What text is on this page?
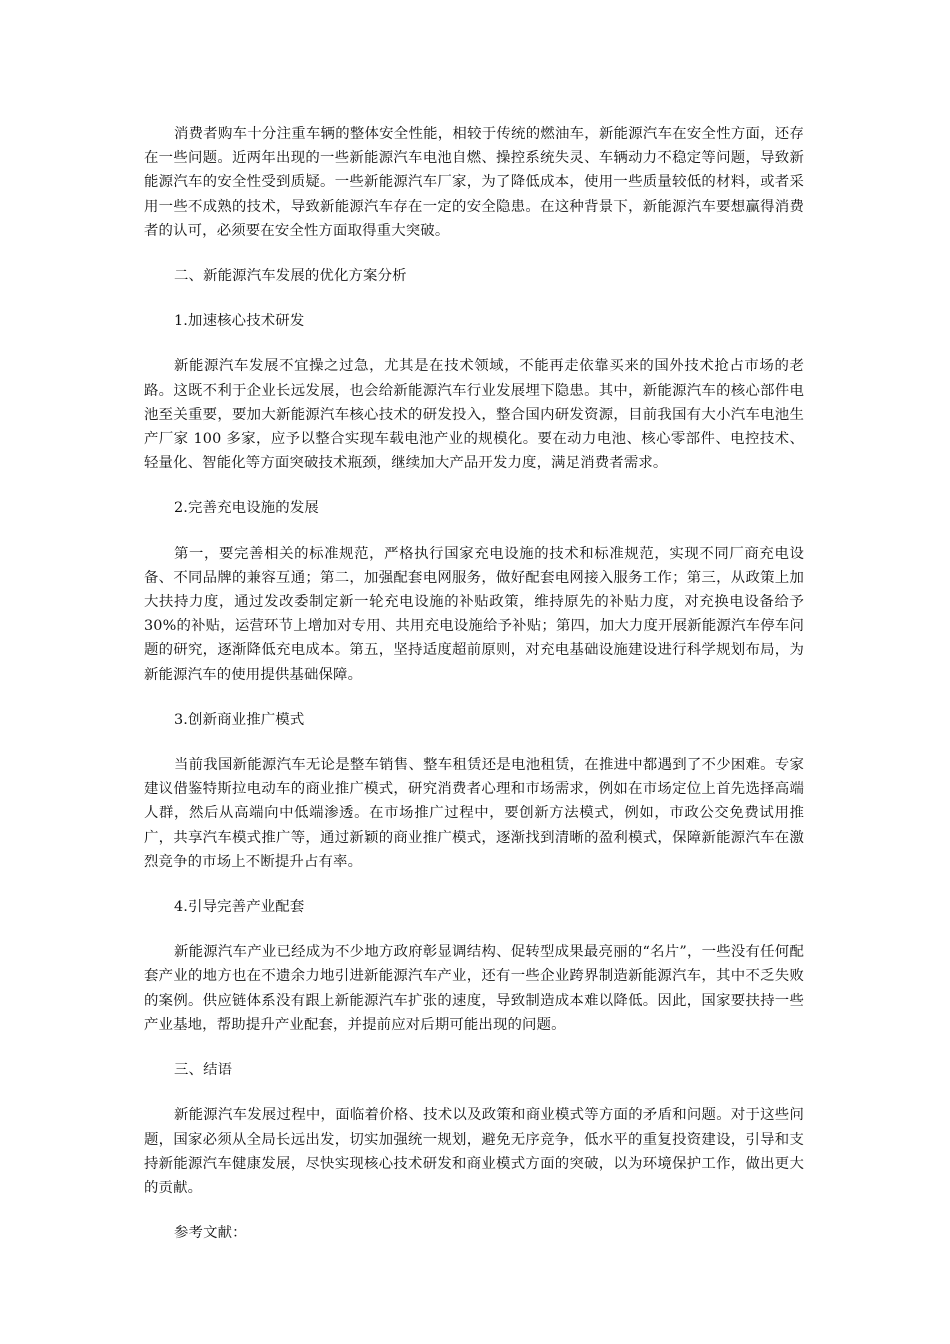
消费者购车十分注重车辆的整体安全性能，相较于传统的燃油车，新能源汽车在安全性方面，还存在一些问题。近两年出现的一些新能源汽车电池自燃、操控系统失灵、车辆动力不稳定等问题，导致新能源汽车的安全性受到质疑。一些新能源汽车厂家，为了降低成本，使用一些质量较低的材料，或者采用一些不成熟的技术，导致新能源汽车存在一定的安全隐患。在这种背景下，新能源汽车要想赢得消费者的认可，必须要在安全性方面取得重大突破。

二、新能源汽车发展的优化方案分析

1.加速核心技术研发

新能源汽车发展不宜操之过急，尤其是在技术领域，不能再走依靠买来的国外技术抢占市场的老路。这既不利于企业长远发展，也会给新能源汽车行业发展埋下隐患。其中，新能源汽车的核心部件电池至关重要，要加大新能源汽车核心技术的研发投入，整合国内研发资源，目前我国有大小汽车电池生产厂家 100 多家，应予以整合实现车载电池产业的规模化。要在动力电池、核心零部件、电控技术、轻量化、智能化等方面突破技术瓶颈，继续加大产品开发力度，满足消费者需求。

2.完善充电设施的发展

第一，要完善相关的标准规范，严格执行国家充电设施的技术和标准规范，实现不同厂商充电设备、不同品牌的兼容互通；第二，加强配套电网服务，做好配套电网接入服务工作；第三，从政策上加大扶持力度，通过发改委制定新一轮充电设施的补贴政策，维持原先的补贴力度，对充换电设备给予 30%的补贴，运营环节上增加对专用、共用充电设施给予补贴；第四，加大力度开展新能源汽车停车问题的研究，逐渐降低充电成本。第五，坚持适度超前原则，对充电基础设施建设进行科学规划布局，为新能源汽车的使用提供基础保障。

3.创新商业推广模式

当前我国新能源汽车无论是整车销售、整车租赁还是电池租赁，在推进中都遇到了不少困难。专家建议借鉴特斯拉电动车的商业推广模式，研究消费者心理和市场需求，例如在市场定位上首先选择高端人群，然后从高端向中低端渗透。在市场推广过程中，要创新方法模式，例如，市政公交免费试用推广，共享汽车模式推广等，通过新颖的商业推广模式，逐渐找到清晰的盈利模式，保障新能源汽车在激烈竞争的市场上不断提升占有率。

4.引导完善产业配套

新能源汽车产业已经成为不少地方政府彰显调结构、促转型成果最亮丽的“名片”，一些没有任何配套产业的地方也在不遗余力地引进新能源汽车产业，还有一些企业跨界制造新能源汽车，其中不乏失败的案例。供应链体系没有跟上新能源汽车扩张的速度，导致制造成本难以降低。因此，国家要扶持一些产业基地，帮助提升产业配套，并提前应对后期可能出现的问题。

三、结语

新能源汽车发展过程中，面临着价格、技术以及政策和商业模式等方面的矛盾和问题。对于这些问题，国家必须从全局长远出发，切实加强统一规划，避免无序竞争，低水平的重复投资建设，引导和支持新能源汽车健康发展，尽快实现核心技术研发和商业模式方面的突破，以为环境保护工作，做出更大的贡献。

参考文献：
